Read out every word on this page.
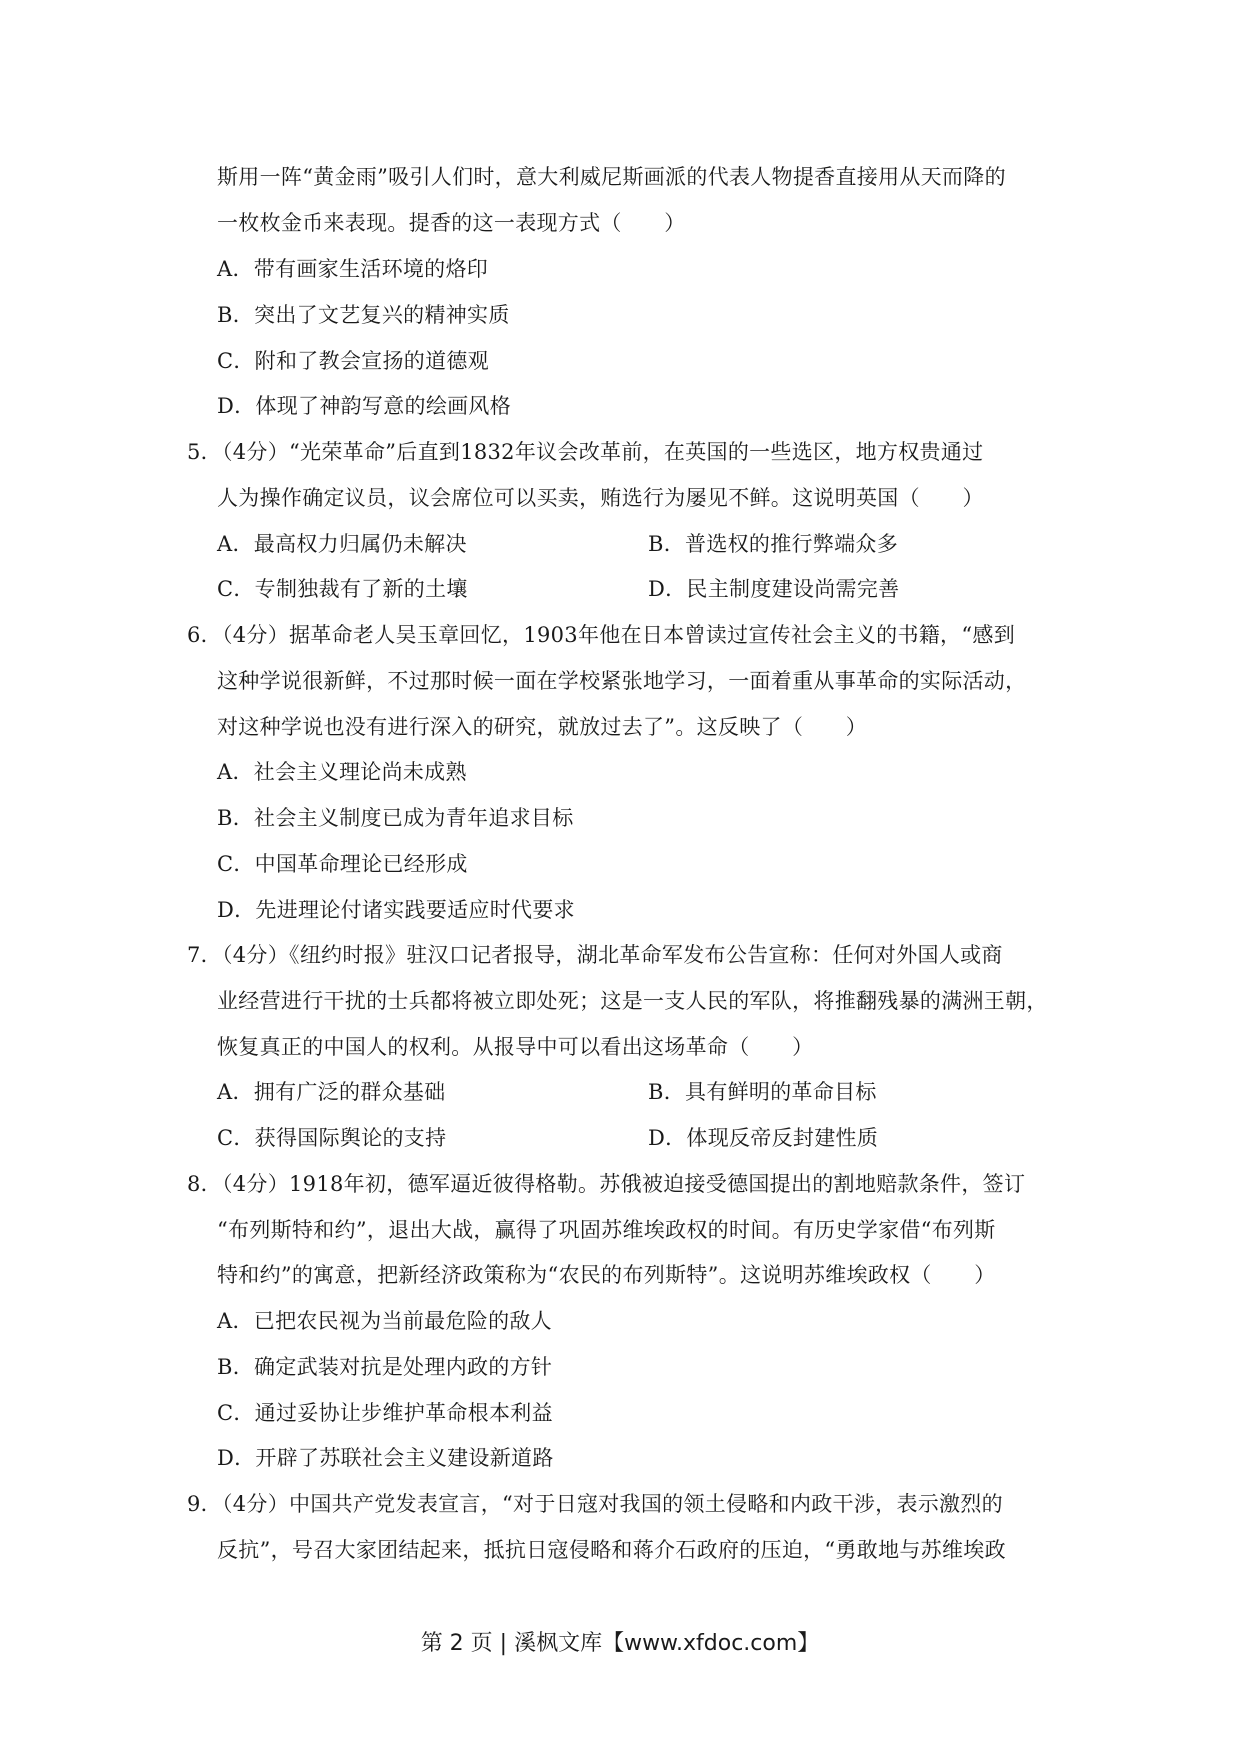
斯用一阵“黄金雨”吸引人们时，意大利威尼斯画派的代表人物提香直接用从天而降的
一枚枚金币来表现。提香的这一表现方式（　　）
A．带有画家生活环境的烙印
B．突出了文艺复兴的精神实质
C．附和了教会宣扬的道德观
D．体现了神韵写意的绘画风格
5．（4分）“光荣革命”后直到1832年议会改革前，在英国的一些选区，地方权贵通过
人为操作确定议员，议会席位可以买卖，贿选行为屡见不鲜。这说明英国（　　）
A．最高权力归属仍未解决	B．普选权的推行弊端众多
C．专制独裁有了新的土壤	D．民主制度建设尚需完善
6．（4分）据革命老人吴玉章回忆，1903年他在日本曾读过宣传社会主义的书籍，“感到
这种学说很新鲜，不过那时候一面在学校紧张地学习，一面着重从事革命的实际活动，
对这种学说也没有进行深入的研究，就放过去了”。这反映了（　　）
A．社会主义理论尚未成熟
B．社会主义制度已成为青年追求目标
C．中国革命理论已经形成
D．先进理论付诸实践要适应时代要求
7．（4分）《纽约时报》驻汉口记者报导，湖北革命军发布公告宣称：任何对外国人或商
业经营进行干扰的士兵都将被立即处死；这是一支人民的军队，将推翻残暴的满洲王朝，
恢复真正的中国人的权利。从报导中可以看出这场革命（　　）
A．拥有广泛的群众基础	B．具有鲜明的革命目标
C．获得国际舆论的支持	D．体现反帝反封建性质
8．（4分）1918年初，德军逼近彼得格勒。苏俄被迫接受德国提出的割地赔款条件，签订
“布列斯特和约”，退出大战，赢得了巩固苏维埃政权的时间。有历史学家借“布列斯
特和约”的寓意，把新经济政策称为“农民的布列斯特”。这说明苏维埃政权（　　）
A．已把农民视为当前最危险的敌人
B．确定武装对抗是处理内政的方针
C．通过妥协让步维护革命根本利益
D．开辟了苏联社会主义建设新道路
9．（4分）中国共产党发表宣言，“对于日寇对我国的领土侵略和内政干涉，表示激烈的
反抗”，号召大家团结起来，抵抗日寇侵略和蒋介石政府的压迫，“勇敢地与苏维埃政
第 2 页 | 溪枫文库【www.xfdoc.com】
